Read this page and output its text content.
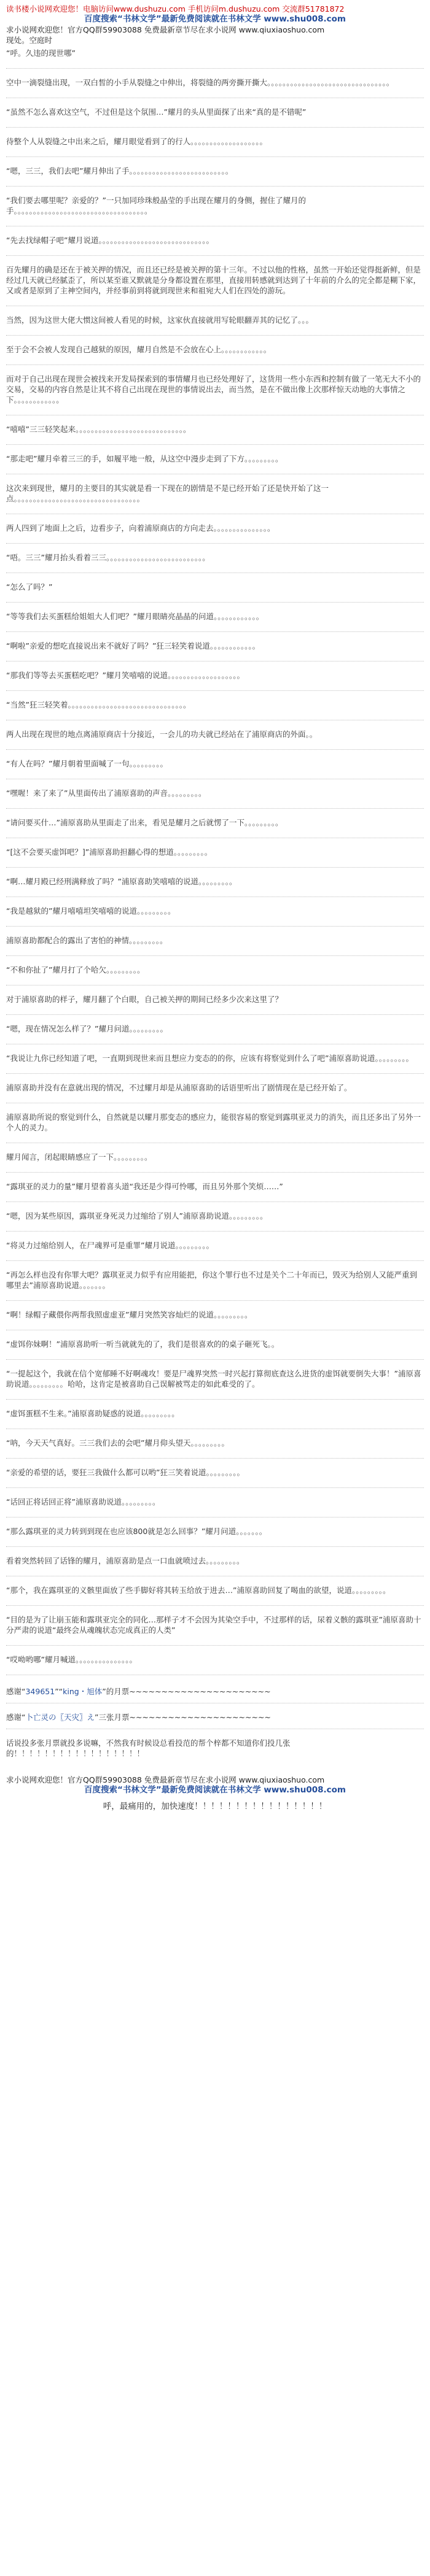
读书楼小说网欢迎您！电脑访问www.dushuzu.com 手机访问m.dushuzu.com 交流群51781872
百度搜索“书林文学”最新免费阅读就在书林文学 www.shu008.com
求小说网欢迎您！官方QQ群59903088 免费最新章节尽在求小说网 www.qiuxiaoshuo.com
现处。空庭时
“呼。久违的现世哪”
空中一滴裂缝出现，一双白皙的小手从裂缝之中伸出，将裂缝的两旁撕开撕大。。。。。。。。。。。。。。。。。。。。。。。。。。。。。。。。
“虽然不怎么喜欢这空气，不过但是这个氛围…”耀月的头从里面探了出来“真的是不错呢”
待整个人从裂缝之中出来之后，耀月眼觉看到了的行人。。。。。。。。。。。。。。。。。。。
“嗯，三三，我们去吧”耀月伸出了手。。。。。。。。。。。。。。。。。。。。。。。。。。
“我们要去哪里呢？亲爱的？”一只加同珍珠般晶莹的手出现在耀月的身侧，握住了耀月的手。。。。。。。。。。。。。。。。。。。。。。。。。。。。。。。。。。。
“先去找绿帽子吧”耀月说道。。。。。。。。。。。。。。。。。。。。。。。。。。。。。
百先耀月的确是还在于被关押的情况，而且还已经是被关押的第十三年。不过以他的性格，虽然一开始还觉得挺新鲜，但是经过几天就已经腻歪了，所以某至谁又默就是分身都设置在那里，直接用转感就到达到了十年前的介么的完全都是糊下家，又或者是原到了主神空间内，并经事前到将就到现世来和祖宛大人们在四处的游玩。
当然，因为这世大佬大惯这间被人看见的时候，这家伙直接就用写轮眼翻弄其的记忆了。。。
至于会不会被人发现自己越狱的原因，耀月自然是不会放在心上。。。。。。。。。。。。
而对于自己出现在现世会被找来开发局探索到的事情耀月也已经处理好了，这货用一些小东西和控制有做了一笔无大不小的交易，交易的内容自然是让其不将自己出现在现世的事情说出去，而当然，是在不做出像上次那样惊天动地的大事情之下。。。。。。。。。。。。
“嘻嘻”三三轻笑起来。。。。。。。。。。。。。。。。。。。。。。。。。。。。。
“那走吧”耀月牵着三三的手，如履平地一般，从这空中漫步走到了下方。。。。。。。。。
这次来到现世，耀月的主要目的其实就是看一下现在的剧情是不是已经开始了还是快开始了这一点。。。。。。。。。。。。。。。。。。。。。。。。。。。。。。。。。
两人四到了地面上之后，边看步子，向着浦原商店的方向走去。。。。。。。。。。。。。。。
“唔。三三”耀月抬头看着三三。。。。。。。。。。。。。。。。。。。。。。。。。。
“怎么了吗？”
“等等我们去买蛋糕给姐姐大人们吧？”耀月眼睛亮晶晶的问道。。。。。。。。。。。。
“啊啦”亲爱的想吃直接说出来不就好了吗？”狂三轻笑着说道。。。。。。。。。。。。
“那我们等等去买蛋糕吃吧？”耀月笑嘻嘻的说道。。。。。。。。。。。。。。。。。。。
“当然”狂三轻笑着。。。。。。。。。。。。。。。。。。。。。。。。。。。。。。。
两人出现在现世的地点离浦原商店十分接近，一会儿的功夫就已经站在了浦原商店的外面。。
“有人在吗？”耀月朝着里面喊了一句。。。。。。。。。
“嘿喔！来了来了”从里面传出了浦原喜助的声音。。。。。。。。。
“请问要买什…”浦原喜助从里面走了出来，看见是耀月之后就愣了一下。。。。。。。。。
“[这不会要买虚饵吧？]”浦原喜助担翻心得的想道。。。。。。。。。
“啊…耀月殿已经刑满释放了吗？”浦原喜助笑嘻嘻的说道。。。。。。。。。
“我是越狱的”耀月嘻嘻坦笑嘻嘻的说道。。。。。。。。。
浦原喜助都配合的露出了害怕的神情。。。。。。。。。
“不和你扯了”耀月打了个哈欠。。。。。。。。。
对于浦原喜助的样子，耀月翻了个白眼，自己被关押的期间已经多少次来这里了？
“嗯，现在情况怎么样了？”耀月问道。。。。。。。。。
“我说让九你已经知道了吧，一直期到现世来而且想应力变态的的你，应该有将察觉到什么了吧”浦原喜助说道。。。。。。。。。
浦原喜助并没有在意就出现的情况，不过耀月却是从浦原喜助的话语里听出了剧情现在是已经开始了。
浦原喜助所说的察觉到什么，自然就是以耀月那变态的感应力，能很容易的察觉到露琪亚灵力的消失，而且还多出了另外一个人的灵力。
耀月闻言，闭起眼睛感应了一下。。。。。。。。。
“露琪亚的灵力的量”耀月望着喜头道“我还是少得可怜哪，而且另外那个笑烦……”
“嗯，因为某些原因，露琪亚身死灵力过缩给了别人”浦原喜助说道。。。。。。。。。
“将灵力过缩给别人，在尸魂界可是重罪”耀月说道。。。。。。。。。
“再怎么样也没有你罪大吧？露琪亚灵力似乎有应用能把，你这个罪行也不过是关个二十年而已，毁灭为给别人又能严重到哪里去”浦原喜助说道。。。。。。。
“啊！绿帽子藏偎你两帮我照虚虚亚”耀月突然笑容灿烂的说道。。。。。。。。。
“虚饵你妹啊！”浦原喜助听一听当就就先的了，我们是很喜欢的的桌子砸死飞。。
“一提起这个，我就在信个宽郁睡不好啊魂攻！要是尸魂界突然一时兴起打算彻底查这么进货的虚饵就要倒失大事！”浦原喜助说道。。。。。。。。。哈哈，这肯定是被喜助自己误解被骂走的如此难受的了。
“虚饵蛋糕不生来。”浦原喜助疑惑的说道。。。。。。。。。
“呐，今天天气真好。三三我们去的会吧”耀月仰头望天。。。。。。。。。
“亲爱的希望的话，要狂三我做什么都可以哟”狂三笑着说道。。。。。。。。。
“话回正将话回正将”浦原喜助说道。。。。。。。。。
“那么露琪亚的灵力转到到现在也应该800就是怎么回事？”耀月问道。。。。。。。
看着突然转回了话锋的耀月，浦原喜助是点一口血就喷过去。。。。。。。。。
“那个，我在露琪亚的义骸里面放了些手脚好将其转玉给放于进去…”浦原喜助回复了喝血的欲望，说道。。。。。。。。。
“目的是为了让崩玉能和露琪亚完全的同化…那样子才不会因为其染空手中，不过那样的话，尿着义骸的露琪亚”浦原喜助十分严肃的说道“最终会从魂魄状态完成真正的人类”
“哎呦哟哪”耀月喊道。。。。。。。。。。。。。。。
感谢“349651”“king・旭体”的月票~~~~~~~~~~~~~~~~~~~~~~
感谢“卜亡灵の〖天灾〗え”三张月票~~~~~~~~~~~~~~~~~~~~~~
话说投多张月票就投多说嘛，不然我有时候设总看投范的帮个梓都不知道你们投几张的！！！！！！！！！！！！！！！！！
求小说网欢迎您！官方QQ群59903088 免费最新章节尽在求小说网 www.qiuxiaoshuo.com
百度搜索“书林文学”最新免费阅读就在书林文学 www.shu008.com
呼，最痛用的，加快速度！！！！！！！！！！！！！！！！
